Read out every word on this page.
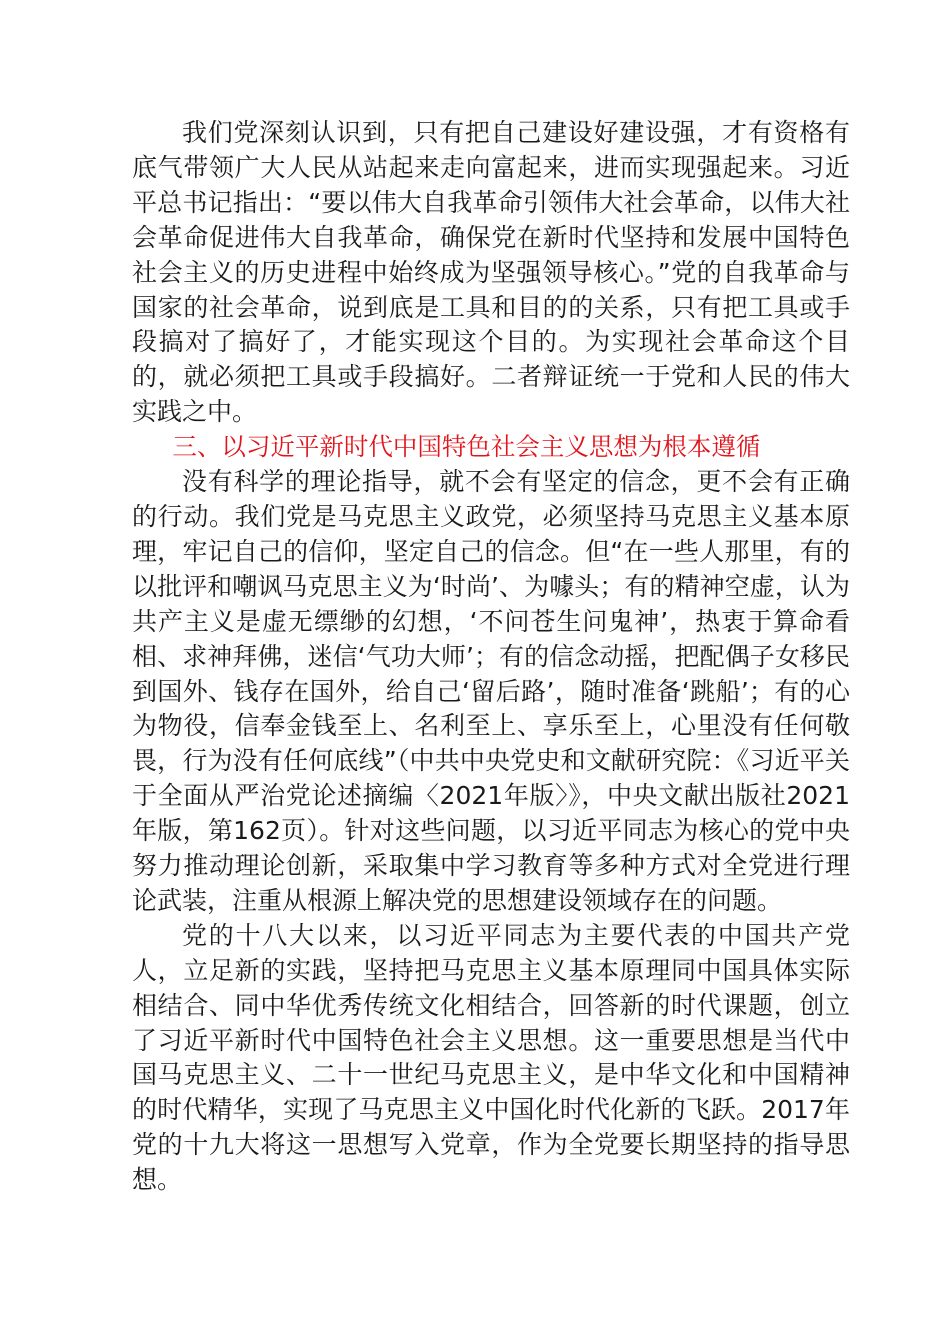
我们党深刻认识到，只有把自己建设好建设强，才有资格有底气带领广大人民从站起来走向富起来，进而实现强起来。习近平总书记指出：“要以伟大自我革命引领伟大社会革命，以伟大社会革命促进伟大自我革命，确保党在新时代坚持和发展中国特色社会主义的历史进程中始终成为坚强领导核心。”党的自我革命与国家的社会革命，说到底是工具和目的的关系，只有把工具或手段搞对了搞好了，才能实现这个目的。为实现社会革命这个目的，就必须把工具或手段搞好。二者辩证统一于党和人民的伟大实践之中。

三、以习近平新时代中国特色社会主义思想为根本遵循

没有科学的理论指导，就不会有坚定的信念，更不会有正确的行动。我们党是马克思主义政党，必须坚持马克思主义基本原理，牢记自己的信仰，坚定自己的信念。但“在一些人那里，有的以批评和嘲讽马克思主义为‘时尚’、为噱头；有的精神空虚，认为共产主义是虚无缥缈的幻想，‘不问苍生问鬼神’，热衷于算命看相、求神拜佛，迷信‘气功大师’；有的信念动摇，把配偶子女移民到国外、钱存在国外，给自己‘留后路’，随时准备‘跳船’；有的心为物役，信奉金钱至上、名利至上、享乐至上，心里没有任何敬畏，行为没有任何底线”（中共中央党史和文献研究院：《习近平关于全面从严治党论述摘编〈2021年版〉》，中央文献出版社2021年版，第162页）。针对这些问题，以习近平同志为核心的党中央努力推动理论创新，采取集中学习教育等多种方式对全党进行理论武装，注重从根源上解决党的思想建设领域存在的问题。

党的十八大以来，以习近平同志为主要代表的中国共产党人，立足新的实践，坚持把马克思主义基本原理同中国具体实际相结合、同中华优秀传统文化相结合，回答新的时代课题，创立了习近平新时代中国特色社会主义思想。这一重要思想是当代中国马克思主义、二十一世纪马克思主义，是中华文化和中国精神的时代精华，实现了马克思主义中国化时代化新的飞跃。2017年党的十九大将这一思想写入党章，作为全党要长期坚持的指导思想。
